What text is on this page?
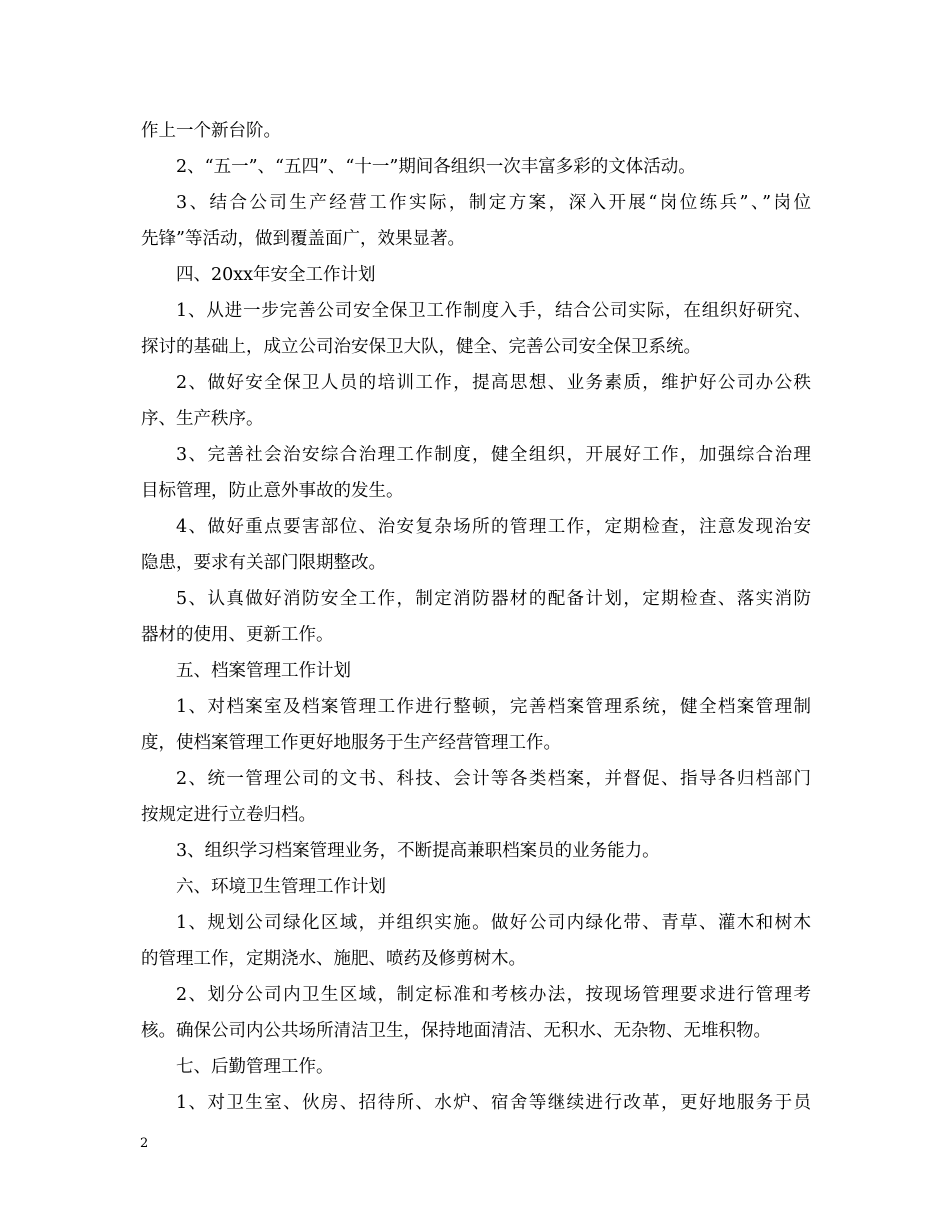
作上一个新台阶。
2、“五一”、“五四”、“十一”期间各组织一次丰富多彩的文体活动。
3、结合公司生产经营工作实际，制定方案，深入开展“岗位练兵”、”岗位
先锋”等活动，做到覆盖面广，效果显著。
四、20xx年安全工作计划
1、从进一步完善公司安全保卫工作制度入手，结合公司实际，在组织好研究、
探讨的基础上，成立公司治安保卫大队，健全、完善公司安全保卫系统。
2、做好安全保卫人员的培训工作，提高思想、业务素质，维护好公司办公秩
序、生产秩序。
3、完善社会治安综合治理工作制度，健全组织，开展好工作，加强综合治理
目标管理，防止意外事故的发生。
4、做好重点要害部位、治安复杂场所的管理工作，定期检查，注意发现治安
隐患，要求有关部门限期整改。
5、认真做好消防安全工作，制定消防器材的配备计划，定期检查、落实消防
器材的使用、更新工作。
五、档案管理工作计划
1、对档案室及档案管理工作进行整顿，完善档案管理系统，健全档案管理制
度，使档案管理工作更好地服务于生产经营管理工作。
2、统一管理公司的文书、科技、会计等各类档案，并督促、指导各归档部门
按规定进行立卷归档。
3、组织学习档案管理业务，不断提高兼职档案员的业务能力。
六、环境卫生管理工作计划
1、规划公司绿化区域，并组织实施。做好公司内绿化带、青草、灌木和树木
的管理工作，定期浇水、施肥、喷药及修剪树木。
2、划分公司内卫生区域，制定标准和考核办法，按现场管理要求进行管理考
核。确保公司内公共场所清洁卫生，保持地面清洁、无积水、无杂物、无堆积物。
七、后勤管理工作。
1、对卫生室、伙房、招待所、水炉、宿舍等继续进行改革，更好地服务于员
2
